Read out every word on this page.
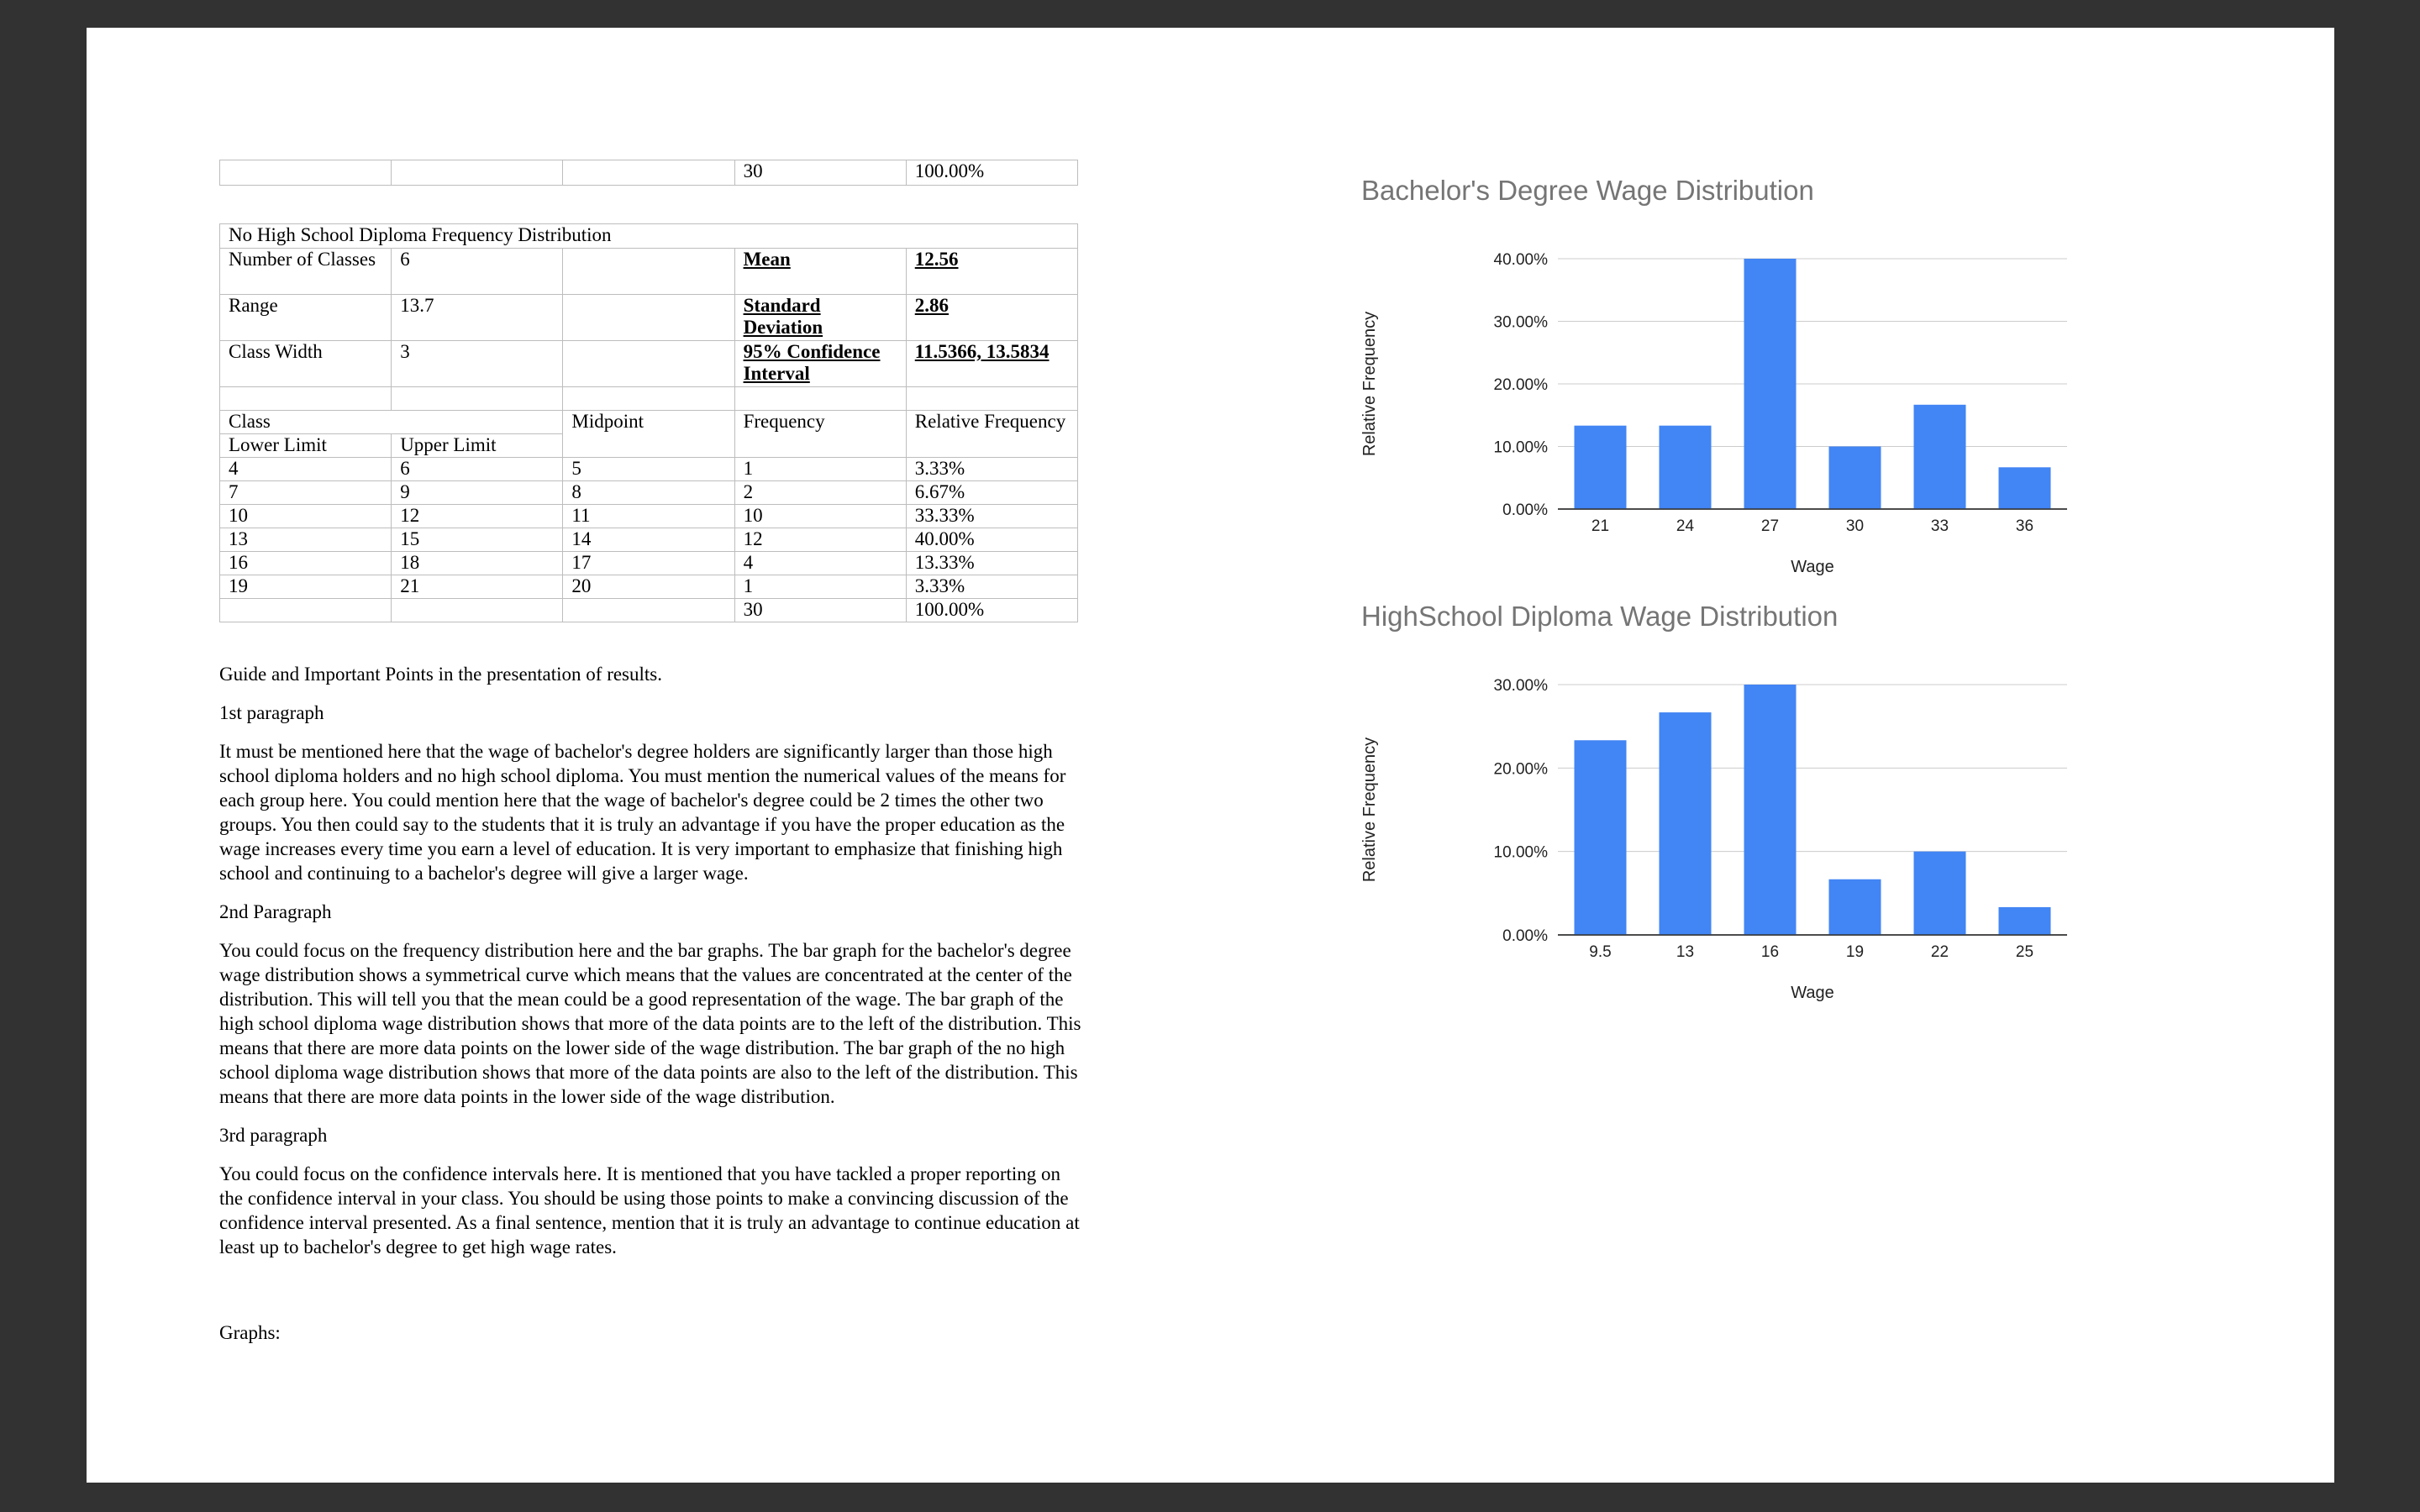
			30	100.00%
No High School Diploma Frequency Distribution				
Number of Classes	6		Mean	12.56
Range	13.7		Standard Deviation	2.86
Class Width	3		95% Confidence Interval	11.5366, 13.5834

Class		Midpoint	Frequency	Relative Frequency
Lower Limit	Upper Limit			
4	6	5	1	3.33%
7	9	8	2	6.67%
10	12	11	10	33.33%
13	15	14	12	40.00%
16	18	17	4	13.33%
19	21	20	1	3.33%
			30	100.00%

Guide and Important Points in the presentation of results.

1st paragraph

It must be mentioned here that the wage of bachelor's degree holders are significantly larger than those high school diploma holders and no high school diploma. You must mention the numerical values of the means for each group here. You could mention here that the wage of bachelor's degree could be 2 times the other two groups. You then could say to the students that it is truly an advantage if you have the proper education as the wage increases every time you earn a level of education. It is very important to emphasize that finishing high school and continuing to a bachelor's degree will give a larger wage.

2nd Paragraph

You could focus on the frequency distribution here and the bar graphs. The bar graph for the bachelor's degree wage distribution shows a symmetrical curve which means that the values are concentrated at the center of the distribution. This will tell you that the mean could be a good representation of the wage. The bar graph of the high school diploma wage distribution shows that more of the data points are to the left of the distribution. This means that there are more data points on the lower side of the wage distribution. The bar graph of the no high school diploma wage distribution shows that more of the data points are also to the left of the distribution. This means that there are more data points in the lower side of the wage distribution.

3rd paragraph

You could focus on the confidence intervals here. It is mentioned that you have tackled a proper reporting on the confidence interval in your class. You should be using those points to make a convincing discussion of the confidence interval presented. As a final sentence, mention that it is truly an advantage to continue education at least up to bachelor's degree to get high wage rates.

Graphs:
Bachelor's Degree Wage Distribution
0.00%
10.00%
20.00%
30.00%
40.00%
21	24	27	30	33	36
Wage
Relative Frequency
HighSchool Diploma Wage Distribution
0.00%
10.00%
20.00%
30.00%
9.5	13	16	19	22	25
Wage
Relative Frequency
